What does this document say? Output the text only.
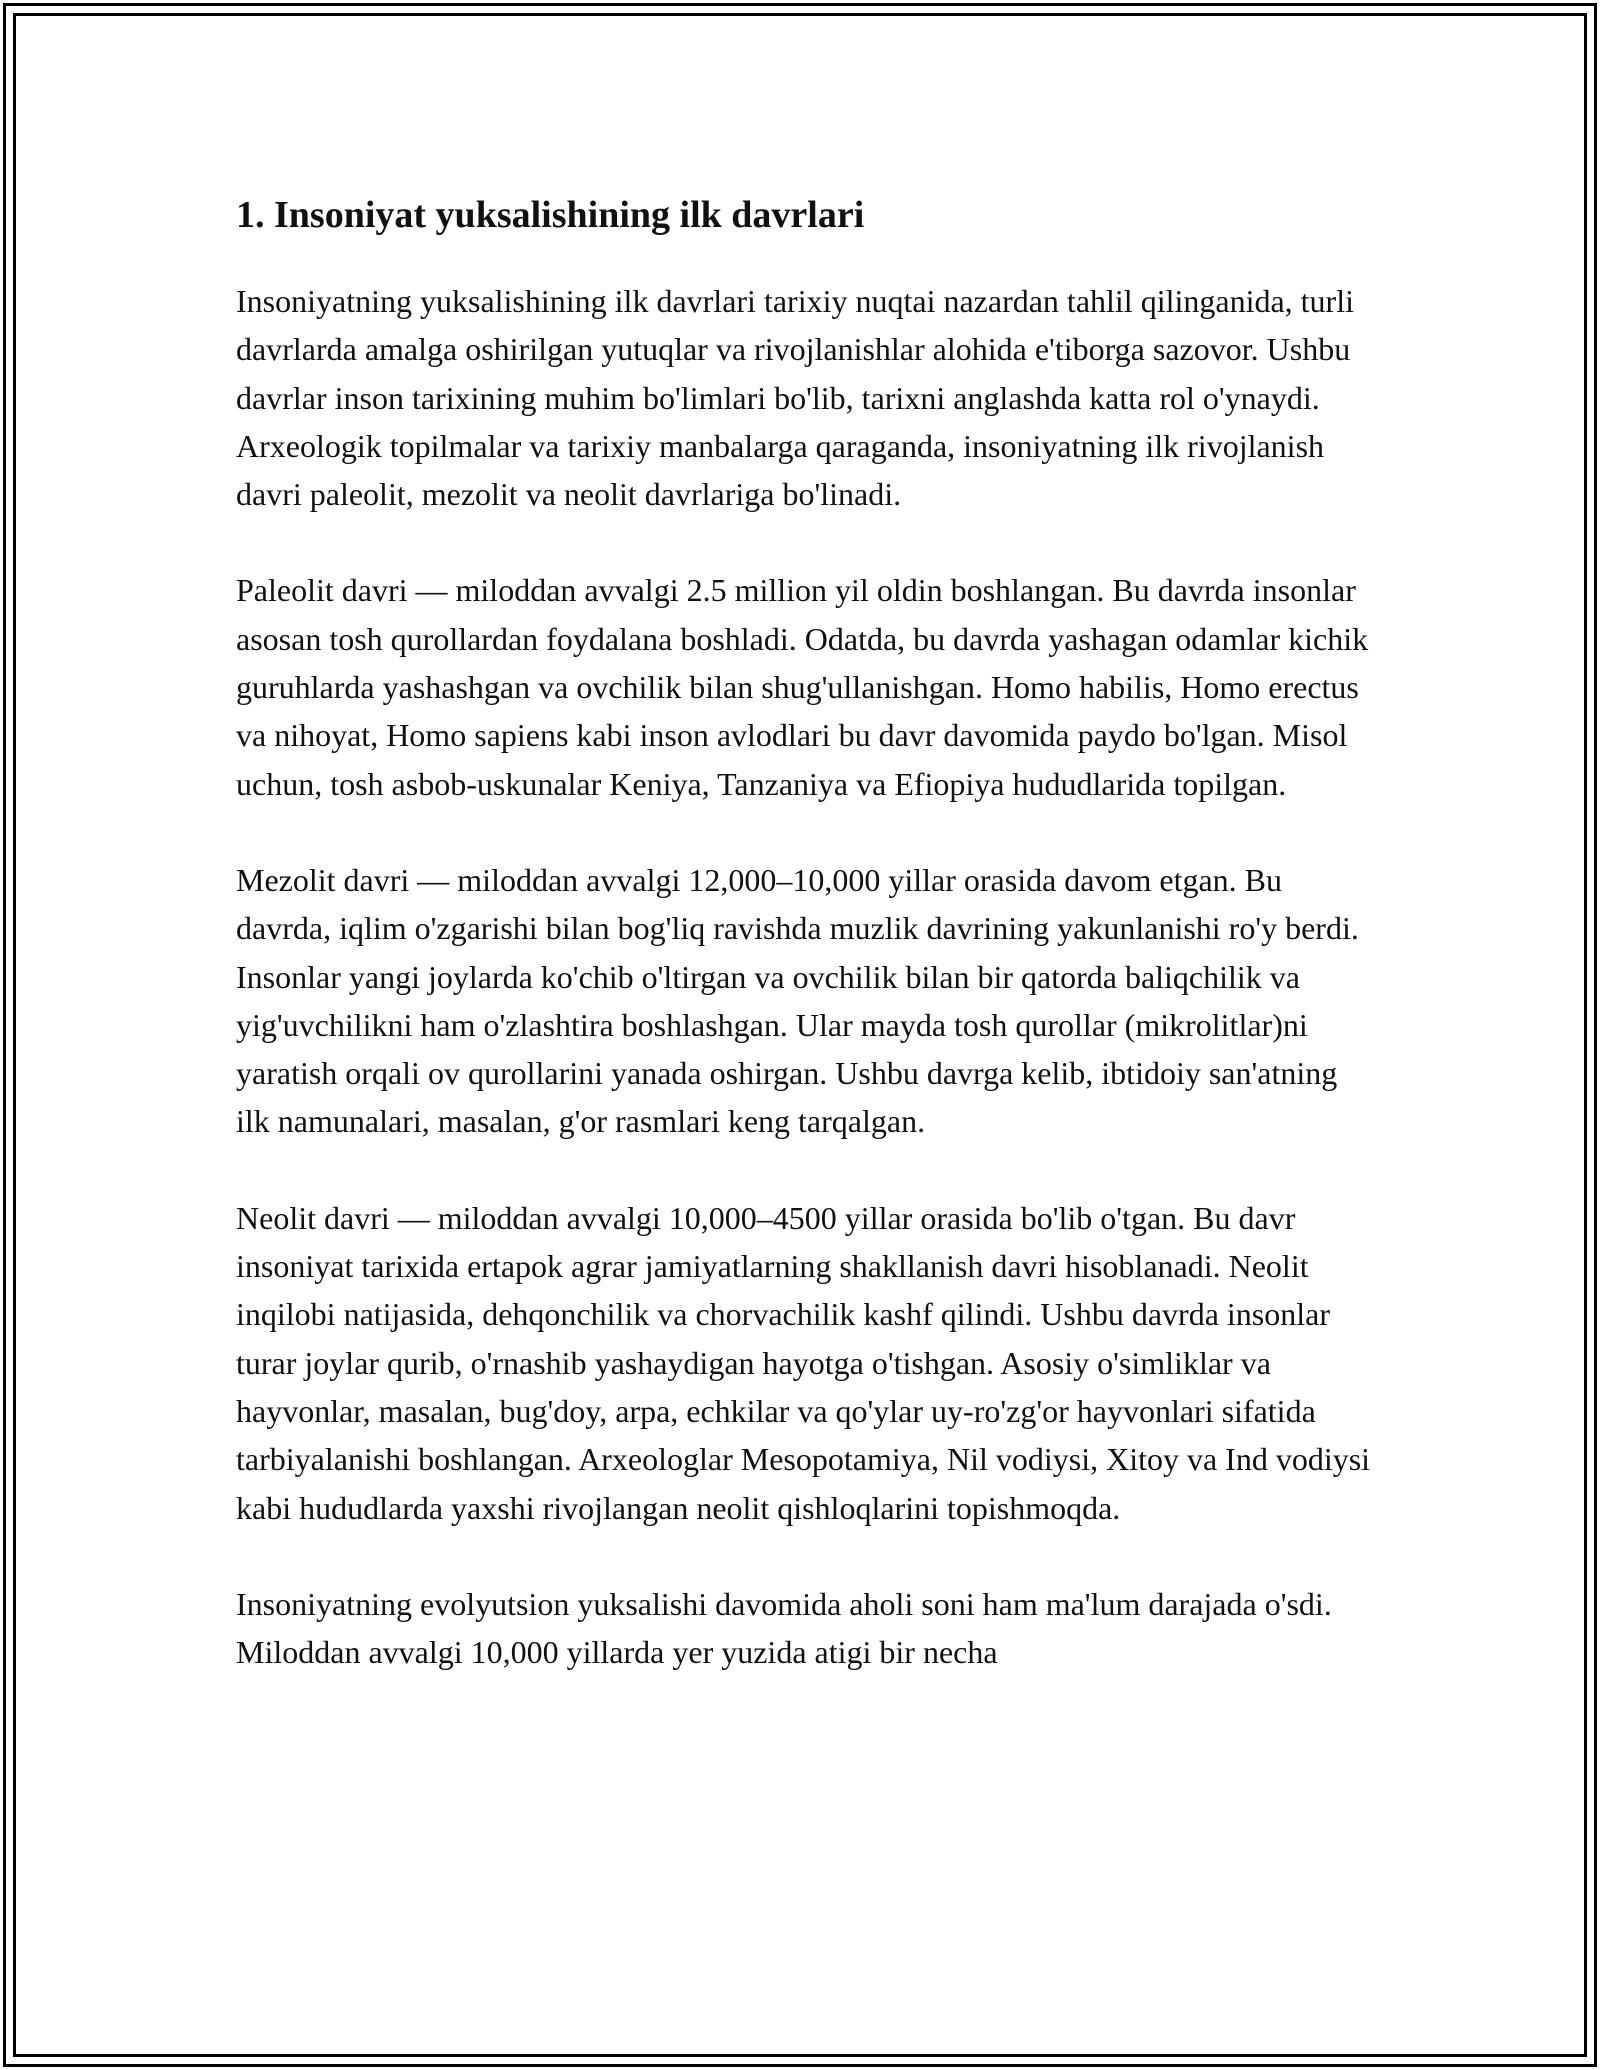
1. Insoniyat yuksalishining ilk davrlari

Insoniyatning yuksalishining ilk davrlari tarixiy nuqtai nazardan tahlil qilinganida, turli davrlarda amalga oshirilgan yutuqlar va rivojlanishlar alohida e'tiborga sazovor. Ushbu davrlar inson tarixining muhim bo'limlari bo'lib, tarixni anglashda katta rol o'ynaydi. Arxeologik topilmalar va tarixiy manbalarga qaraganda, insoniyatning ilk rivojlanish davri paleolit, mezolit va neolit davrlariga bo'linadi.

Paleolit davri — miloddan avvalgi 2.5 million yil oldin boshlangan. Bu davrda insonlar asosan tosh qurollardan foydalana boshladi. Odatda, bu davrda yashagan odamlar kichik guruhlarda yashashgan va ovchilik bilan shug'ullanishgan. Homo habilis, Homo erectus va nihoyat, Homo sapiens kabi inson avlodlari bu davr davomida paydo bo'lgan. Misol uchun, tosh asbob-uskunalar Keniya, Tanzaniya va Efiopiya hududlarida topilgan.

Mezolit davri — miloddan avvalgi 12,000–10,000 yillar orasida davom etgan. Bu davrda, iqlim o'zgarishi bilan bog'liq ravishda muzlik davrining yakunlanishi ro'y berdi. Insonlar yangi joylarda ko'chib o'ltirgan va ovchilik bilan bir qatorda baliqchilik va yig'uvchilikni ham o'zlashtira boshlashgan. Ular mayda tosh qurollar (mikrolitlar)ni yaratish orqali ov qurollarini yanada oshirgan. Ushbu davrga kelib, ibtidoiy san'atning ilk namunalari, masalan, g'or rasmlari keng tarqalgan.

Neolit davri — miloddan avvalgi 10,000–4500 yillar orasida bo'lib o'tgan. Bu davr insoniyat tarixida ertapok agrar jamiyatlarning shakllanish davri hisoblanadi. Neolit inqilobi natijasida, dehqonchilik va chorvachilik kashf qilindi. Ushbu davrda insonlar turar joylar qurib, o'rnashib yashaydigan hayotga o'tishgan. Asosiy o'simliklar va hayvonlar, masalan, bug'doy, arpa, echkilar va qo'ylar uy-ro'zg'or hayvonlari sifatida tarbiyalanishi boshlangan. Arxeologlar Mesopotamiya, Nil vodiysi, Xitoy va Ind vodiysi kabi hududlarda yaxshi rivojlangan neolit qishloqlarini topishmoqda.

Insoniyatning evolyutsion yuksalishi davomida aholi soni ham ma'lum darajada o'sdi. Miloddan avvalgi 10,000 yillarda yer yuzida atigi bir necha
